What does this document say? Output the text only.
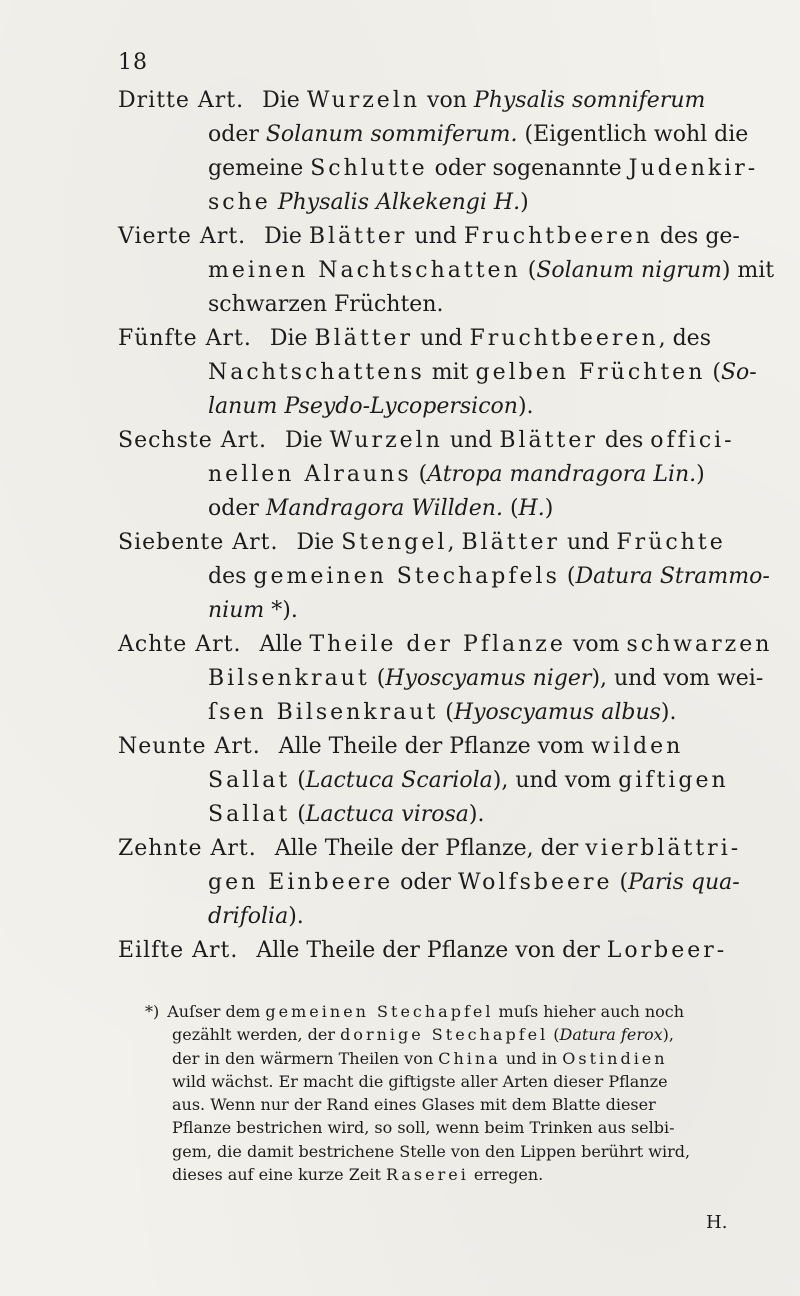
18
Dritte Art. Die Wurzeln von Physalis somniferum
oder Solanum sommiferum. (Eigentlich wohl die
gemeine Schlutte oder sogenannte Judenkir-
sche
Physalis Alkekengi H. )
Vierte Art. Die Blätter und Fruchtbeeren des ge-
meinen Nachtschatten ( Solanum nigrum ) mit
schwarzen Früchten.
Fünfte Art. Die Blätter und Fruchtbeeren , des
Nachtschattens mit gelben Früchten ( So-
lanum Pseydo-Lycopersicon ).
Sechste Art. Die Wurzeln und Blätter des offici-
nellen Alrauns ( Atropa mandragora Lin. )
oder Mandragora Willden. ( H. )
Siebente Art. Die Stengel , Blätter und Früchte
des gemeinen Stechapfels ( Datura Strammo-
nium *).
Achte Art. Alle Theile der Pflanze vom schwarzen
Bilsenkraut ( Hyoscyamus niger ), und vom wei-
ſsen Bilsenkraut ( Hyoscyamus albus ).
Neunte Art. Alle Theile der Pflanze vom wilden
Sallat ( Lactuca Scariola ), und vom giftigen
Sallat ( Lactuca virosa ).
Zehnte Art. Alle Theile der Pflanze, der vierblättri-
gen Einbeere oder Wolfsbeere ( Paris qua-
drifolia ).
Eilfte Art. Alle Theile der Pflanze von der Lorbeer-
*) Auſser dem gemeinen Stechapfel muſs hieher auch noch
gezählt werden, der dornige Stechapfel (Datura ferox),
der in den wärmern Theilen von China und in Ostindien
wild wächst. Er macht die giftigste aller Arten dieser Pflanze
aus. Wenn nur der Rand eines Glases mit dem Blatte dieser
Pflanze bestrichen wird, so soll, wenn beim Trinken aus selbi-
gem, die damit bestrichene Stelle von den Lippen berührt wird,
dieses auf eine kurze Zeit Raserei erregen.
H.
